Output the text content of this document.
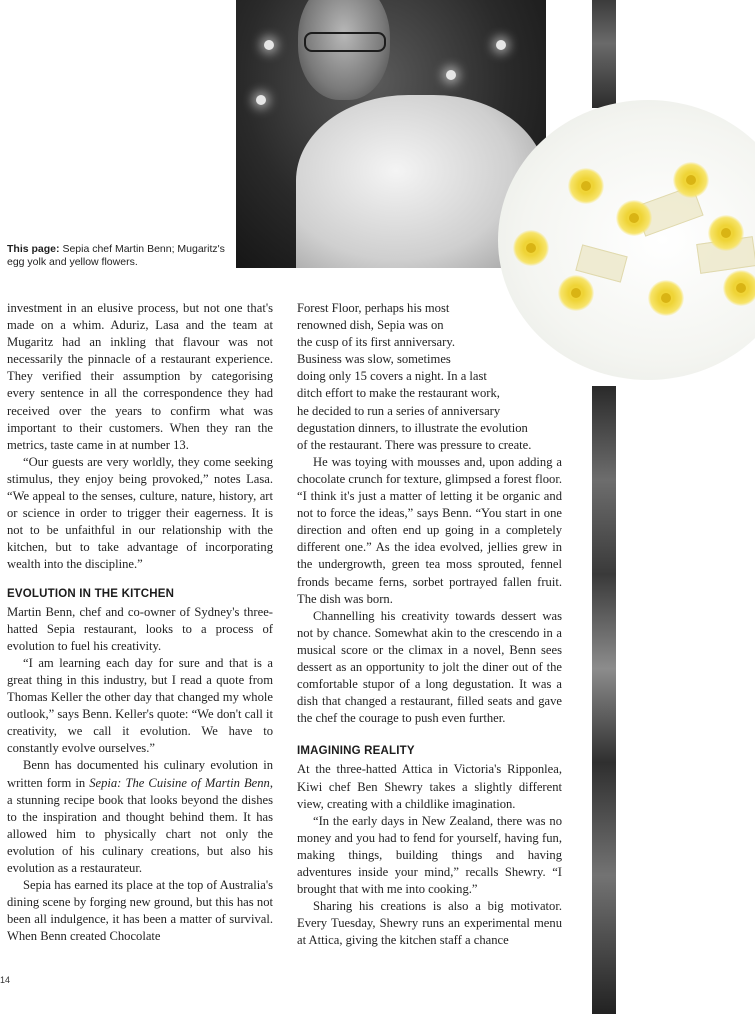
This page: Sepia chef Martin Benn; Mugaritz's egg yolk and yellow flowers.

investment in an elusive process, but not one that's made on a whim. Aduriz, Lasa and the team at Mugaritz had an inkling that flavour was not necessarily the pinnacle of a restaurant experience. They verified their assumption by categorising every sentence in all the correspondence they had received over the years to confirm what was important to their customers. When they ran the metrics, taste came in at number 13.

“Our guests are very worldly, they come seeking stimulus, they enjoy being provoked,” notes Lasa. “We appeal to the senses, culture, nature, history, art or science in order to trigger their eagerness. It is not to be unfaithful in our relationship with the kitchen, but to take advantage of incorporating wealth into the discipline.”

EVOLUTION IN THE KITCHEN

Martin Benn, chef and co-owner of Sydney's three-hatted Sepia restaurant, looks to a process of evolution to fuel his creativity.

“I am learning each day for sure and that is a great thing in this industry, but I read a quote from Thomas Keller the other day that changed my whole outlook,” says Benn. Keller's quote: “We don't call it creativity, we call it evolution. We have to constantly evolve ourselves.”

Benn has documented his culinary evolution in written form in Sepia: The Cuisine of Martin Benn, a stunning recipe book that looks beyond the dishes to the inspiration and thought behind them. It has allowed him to physically chart not only the evolution of his culinary creations, but also his evolution as a restaurateur.

Sepia has earned its place at the top of Australia's dining scene by forging new ground, but this has not been all indulgence, it has been a matter of survival. When Benn created Chocolate

Forest Floor, perhaps his most
renowned dish, Sepia was on
the cusp of its first anniversary.
Business was slow, sometimes
doing only 15 covers a night. In a last
ditch effort to make the restaurant work,
he decided to run a series of anniversary
degustation dinners, to illustrate the evolution
of the restaurant. There was pressure to create.

He was toying with mousses and, upon adding a chocolate crunch for texture, glimpsed a forest floor. “I think it's just a matter of letting it be organic and not to force the ideas,” says Benn. “You start in one direction and often end up going in a completely different one.” As the idea evolved, jellies grew in the undergrowth, green tea moss sprouted, fennel fronds became ferns, sorbet portrayed fallen fruit. The dish was born.

Channelling his creativity towards dessert was not by chance. Somewhat akin to the crescendo in a musical score or the climax in a novel, Benn sees dessert as an opportunity to jolt the diner out of the comfortable stupor of a long degustation. It was a dish that changed a restaurant, filled seats and gave the chef the courage to push even further.

IMAGINING REALITY

At the three-hatted Attica in Victoria's Ripponlea, Kiwi chef Ben Shewry takes a slightly different view, creating with a childlike imagination.

“In the early days in New Zealand, there was no money and you had to fend for yourself, having fun, making things, building things and having adventures inside your mind,” recalls Shewry. “I brought that with me into cooking.”

Sharing his creations is also a big motivator. Every Tuesday, Shewry runs an experimental menu at Attica, giving the kitchen staff a chance

14
